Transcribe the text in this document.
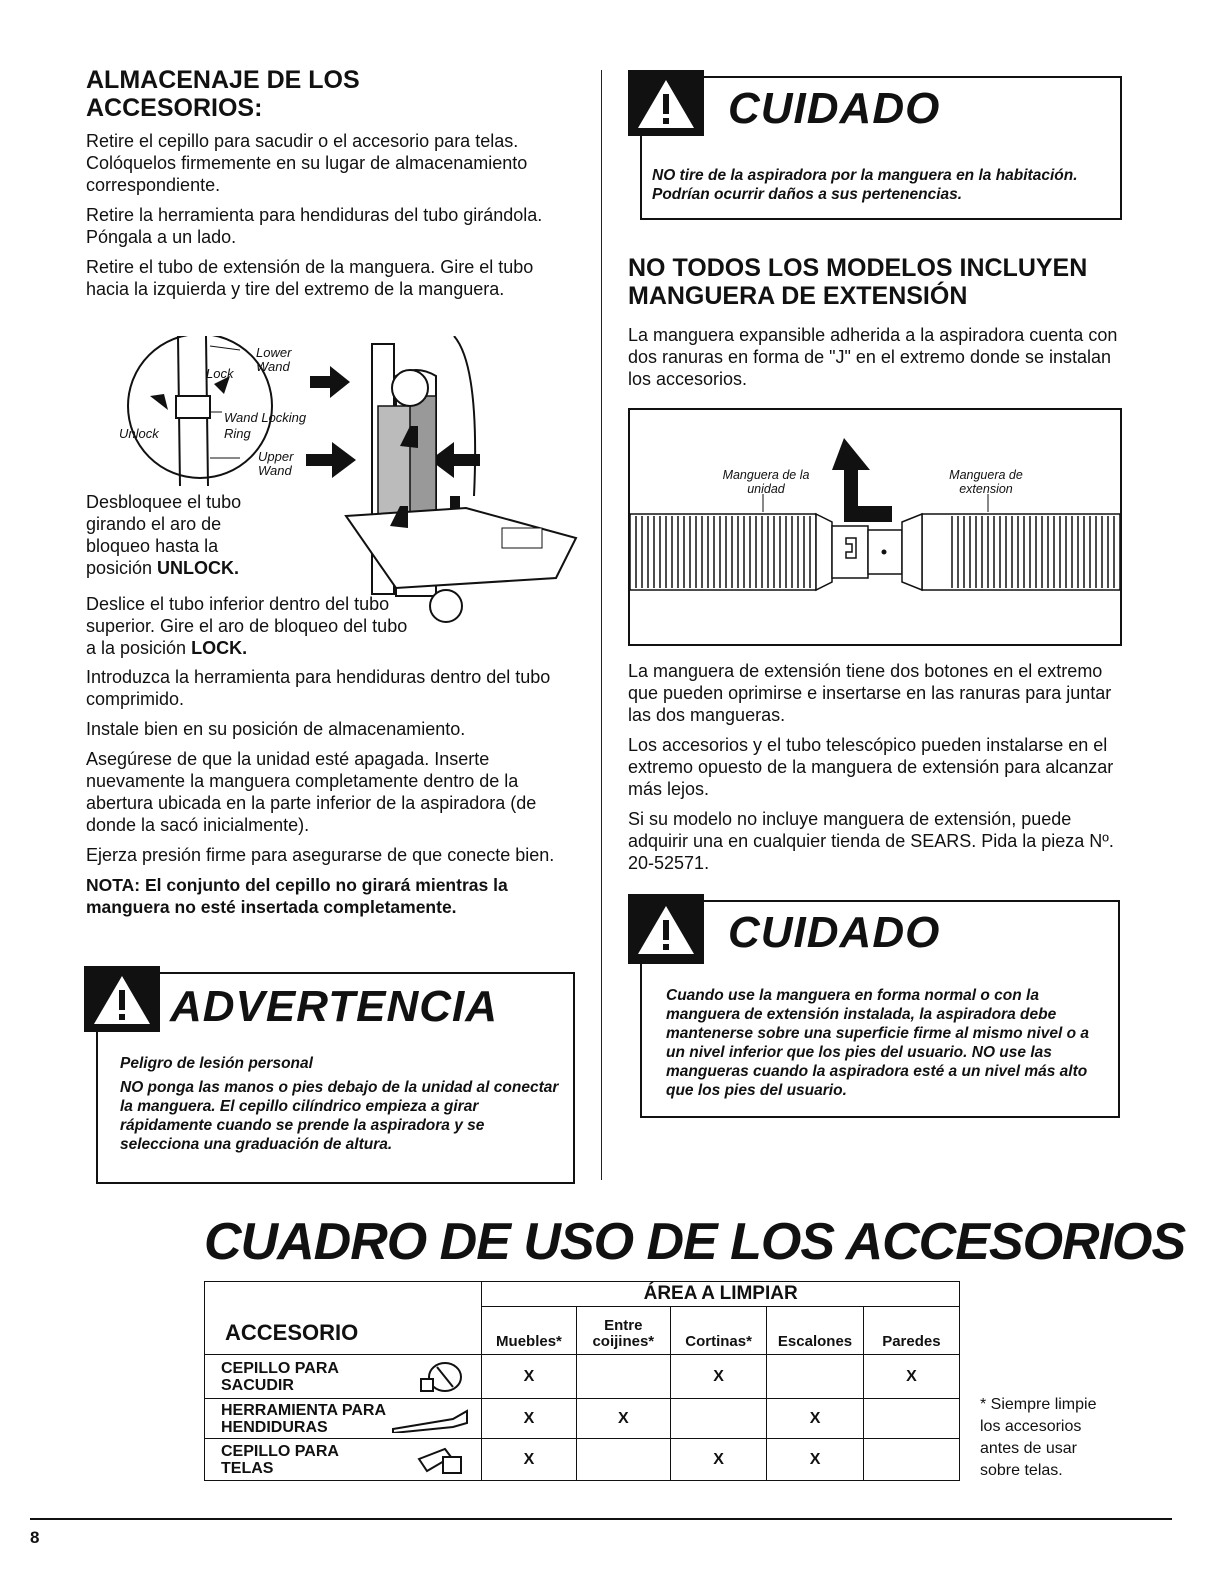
ALMACENAJE DE LOS ACCESORIOS:

Retire el cepillo para sacudir o el accesorio para telas. Colóquelos firmemente en su lugar de almacenamiento correspondiente.

Retire la herramienta para hendiduras del tubo girándola. Póngala a un lado.

Retire el tubo de extensión de la manguera. Gire el tubo hacia la izquierda y tire del extremo de la manguera.

Lock
Unlock
Lower Wand
Wand Locking Ring
Upper Wand

Desbloquee el tubo girando el aro de bloqueo hasta la posición UNLOCK.

Deslice el tubo inferior dentro del tubo superior. Gire el aro de bloqueo del tubo a la posición LOCK.

Introduzca la herramienta para hendiduras dentro del tubo comprimido.

Instale bien en su posición de almacenamiento.

Asegúrese de que la unidad esté apagada. Inserte nuevamente la manguera completamente dentro de la abertura ubicada en la parte inferior de la aspiradora (de donde la sacó inicialmente).

Ejerza presión firme para asegurarse de que conecte bien.

NOTA: El conjunto del cepillo no girará mientras la manguera no esté insertada completamente.

ADVERTENCIA
Peligro de lesión personal
NO ponga las manos o pies debajo de la unidad al conectar la manguera. El cepillo cilíndrico empieza a girar rápidamente cuando se prende la aspiradora y se selecciona una graduación de altura.
CUIDADO
NO tire de la aspiradora por la manguera en la habitación. Podrían ocurrir daños a sus pertenencias.
NO TODOS LOS MODELOS INCLUYEN MANGUERA DE EXTENSIÓN

La manguera expansible adherida a la aspiradora cuenta con dos ranuras en forma de "J" en el extremo donde se instalan los accesorios.

Manguera de la unidad
Manguera de extension

La manguera de extensión tiene dos botones en el extremo que pueden oprimirse e insertarse en las ranuras para juntar las dos mangueras.

Los accesorios y el tubo telescópico pueden instalarse en el extremo opuesto de la manguera de extensión para alcanzar más lejos.

Si su modelo no incluye manguera de extensión, puede adquirir una en cualquier tienda de SEARS. Pida la pieza Nº. 20-52571.

CUIDADO
Cuando use la manguera en forma normal o con la manguera de extensión instalada, la aspiradora debe mantenerse sobre una superficie firme al mismo nivel o a un nivel inferior que los pies del usuario. NO use las mangueras cuando la aspiradora esté a un nivel más alto que los pies del usuario.
CUADRO DE USO DE LOS ACCESORIOS
ACCESORIO	ÁREA A LIMPIAR				
	Muebles*	Entre coijines*	Cortinas*	Escalones	Paredes

CEPILLO PARA SACUDIR	X		X		X

HERRAMIENTA PARA HENDIDURAS	X	X		X	

CEPILLO PARA TELAS	X		X	X	
* Siempre limpie los accesorios antes de usar sobre telas.
8
